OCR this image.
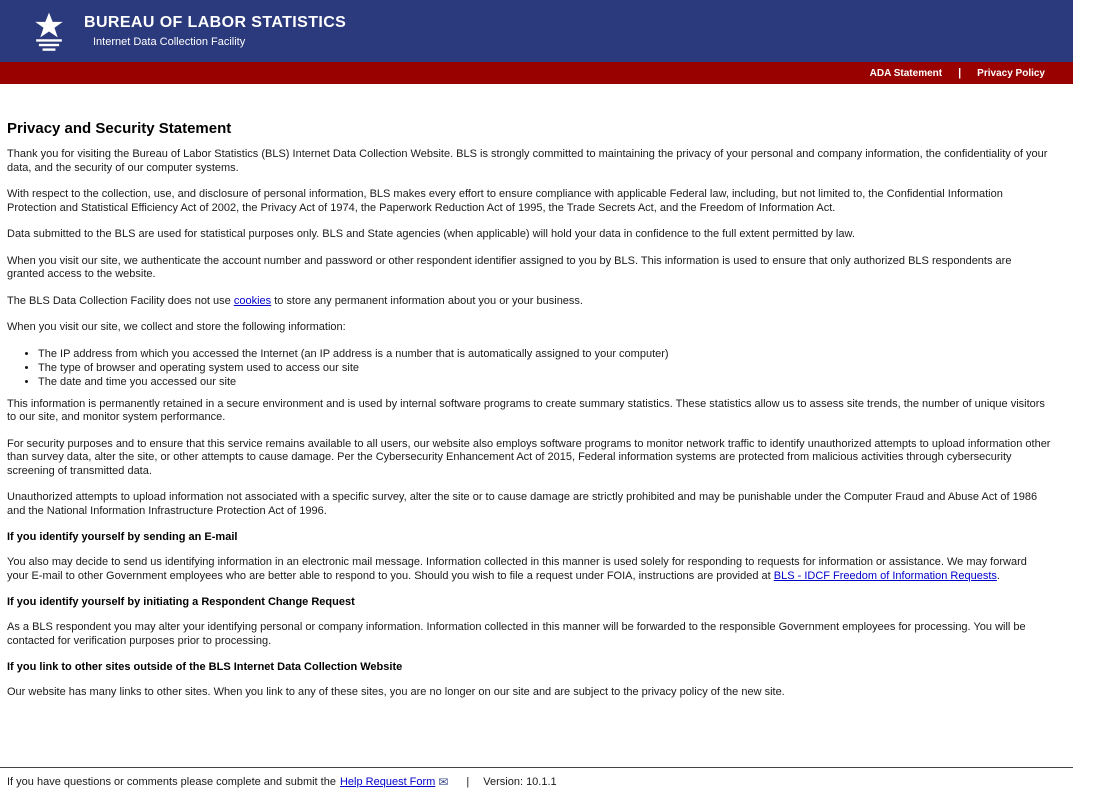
BUREAU OF LABOR STATISTICS
Internet Data Collection Facility
ADA Statement | Privacy Policy
Privacy and Security Statement

Thank you for visiting the Bureau of Labor Statistics (BLS) Internet Data Collection Website. BLS is strongly committed to maintaining the privacy of your personal and company information, the confidentiality of your data, and the security of our computer systems.

With respect to the collection, use, and disclosure of personal information, BLS makes every effort to ensure compliance with applicable Federal law, including, but not limited to, the Confidential Information Protection and Statistical Efficiency Act of 2002, the Privacy Act of 1974, the Paperwork Reduction Act of 1995, the Trade Secrets Act, and the Freedom of Information Act.

Data submitted to the BLS are used for statistical purposes only. BLS and State agencies (when applicable) will hold your data in confidence to the full extent permitted by law.

When you visit our site, we authenticate the account number and password or other respondent identifier assigned to you by BLS. This information is used to ensure that only authorized BLS respondents are granted access to the website.

The BLS Data Collection Facility does not use cookies to store any permanent information about you or your business.

When you visit our site, we collect and store the following information:

• The IP address from which you accessed the Internet (an IP address is a number that is automatically assigned to your computer)
• The type of browser and operating system used to access our site
• The date and time you accessed our site

This information is permanently retained in a secure environment and is used by internal software programs to create summary statistics. These statistics allow us to assess site trends, the number of unique visitors to our site, and monitor system performance.

For security purposes and to ensure that this service remains available to all users, our website also employs software programs to monitor network traffic to identify unauthorized attempts to upload information other than survey data, alter the site, or other attempts to cause damage. Per the Cybersecurity Enhancement Act of 2015, Federal information systems are protected from malicious activities through cybersecurity screening of transmitted data.

Unauthorized attempts to upload information not associated with a specific survey, alter the site or to cause damage are strictly prohibited and may be punishable under the Computer Fraud and Abuse Act of 1986 and the National Information Infrastructure Protection Act of 1996.

If you identify yourself by sending an E-mail

You also may decide to send us identifying information in an electronic mail message. Information collected in this manner is used solely for responding to requests for information or assistance. We may forward your E-mail to other Government employees who are better able to respond to you. Should you wish to file a request under FOIA, instructions are provided at BLS - IDCF Freedom of Information Requests.

If you identify yourself by initiating a Respondent Change Request

As a BLS respondent you may alter your identifying personal or company information. Information collected in this manner will be forwarded to the responsible Government employees for processing. You will be contacted for verification purposes prior to processing.

If you link to other sites outside of the BLS Internet Data Collection Website

Our website has many links to other sites. When you link to any of these sites, you are no longer on our site and are subject to the privacy policy of the new site.

If you have questions or comments please complete and submit the Help Request Form ✉ | Version: 10.1.1
